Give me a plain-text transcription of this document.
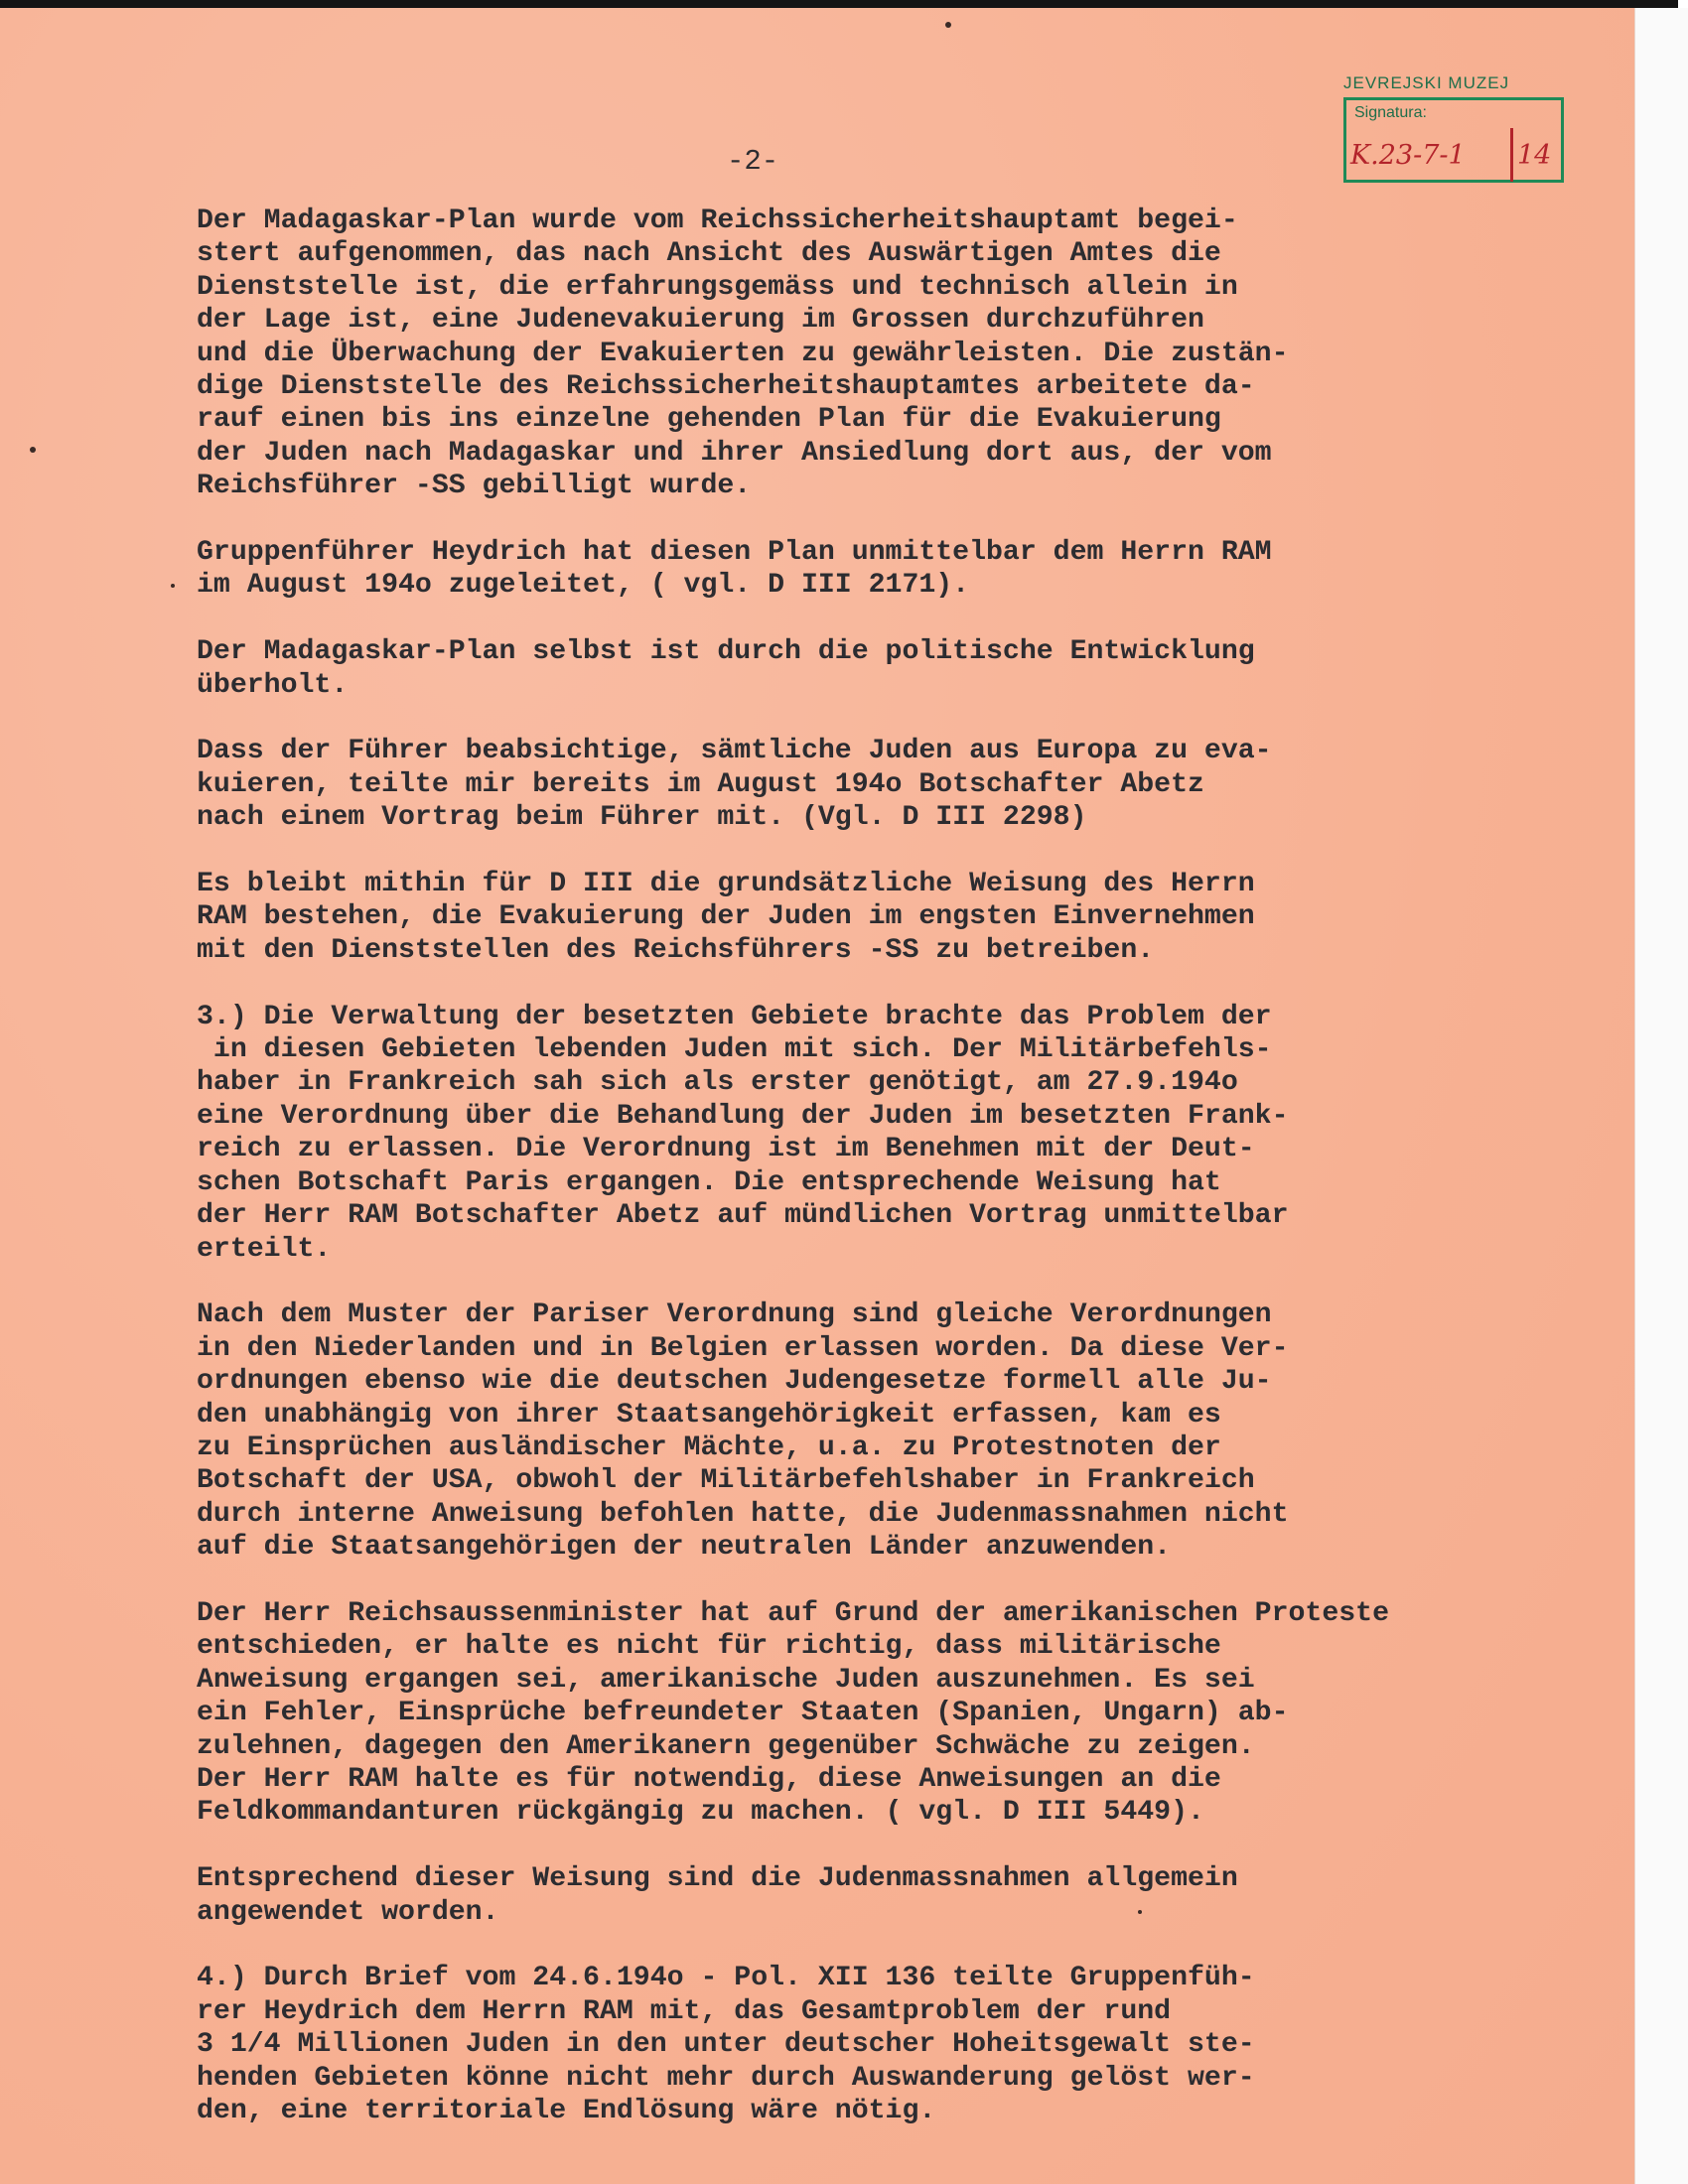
JEVREJSKI MUZEJ
Signatura:
K.23-7-1 14
-2-
Der Madagaskar-Plan wurde vom Reichssicherheitshauptamt begei-
stert aufgenommen, das nach Ansicht des Auswärtigen Amtes die
Dienststelle ist, die erfahrungsgemäss und technisch allein in
der Lage ist, eine Judenevakuierung im Grossen durchzuführen
und die Überwachung der Evakuierten zu gewährleisten. Die zustän-
dige Dienststelle des Reichssicherheitshauptamtes arbeitete da-
rauf einen bis ins einzelne gehenden Plan für die Evakuierung
der Juden nach Madagaskar und ihrer Ansiedlung dort aus, der vom
Reichsführer -SS gebilligt wurde.
Gruppenführer Heydrich hat diesen Plan unmittelbar dem Herrn RAM
im August 194o zugeleitet, ( vgl. D III 2171).
Der Madagaskar-Plan selbst ist durch die politische Entwicklung
überholt.
Dass der Führer beabsichtige, sämtliche Juden aus Europa zu eva-
kuieren, teilte mir bereits im August 194o Botschafter Abetz
nach einem Vortrag beim Führer mit. (Vgl. D III 2298)
Es bleibt mithin für D III die grundsätzliche Weisung des Herrn
RAM bestehen, die Evakuierung der Juden im engsten Einvernehmen
mit den Dienststellen des Reichsführers -SS zu betreiben.
3.) Die Verwaltung der besetzten Gebiete brachte das Problem der
in diesen Gebieten lebenden Juden mit sich. Der Militärbefehls-
haber in Frankreich sah sich als erster genötigt, am 27.9.194o
eine Verordnung über die Behandlung der Juden im besetzten Frank-
reich zu erlassen. Die Verordnung ist im Benehmen mit der Deut-
schen Botschaft Paris ergangen. Die entsprechende Weisung hat
der Herr RAM Botschafter Abetz auf mündlichen Vortrag unmittelbar
erteilt.
Nach dem Muster der Pariser Verordnung sind gleiche Verordnungen
in den Niederlanden und in Belgien erlassen worden. Da diese Ver-
ordnungen ebenso wie die deutschen Judengesetze formell alle Ju-
den unabhängig von ihrer Staatsangehörigkeit erfassen, kam es
zu Einsprüchen ausländischer Mächte, u.a. zu Protestnoten der
Botschaft der USA, obwohl der Militärbefehlshaber in Frankreich
durch interne Anweisung befohlen hatte, die Judenmassnahmen nicht
auf die Staatsangehörigen der neutralen Länder anzuwenden.
Der Herr Reichsaussenminister hat auf Grund der amerikanischen Proteste
entschieden, er halte es nicht für richtig, dass militärische
Anweisung ergangen sei, amerikanische Juden auszunehmen. Es sei
ein Fehler, Einsprüche befreundeter Staaten (Spanien, Ungarn) ab-
zulehnen, dagegen den Amerikanern gegenüber Schwäche zu zeigen.
Der Herr RAM halte es für notwendig, diese Anweisungen an die
Feldkommandanturen rückgängig zu machen. ( vgl. D III 5449).
Entsprechend dieser Weisung sind die Judenmassnahmen allgemein
angewendet worden.
4.) Durch Brief vom 24.6.194o - Pol. XII 136 teilte Gruppenfüh-
rer Heydrich dem Herrn RAM mit, das Gesamtproblem der rund
3 1/4 Millionen Juden in den unter deutscher Hoheitsgewalt ste-
henden Gebieten könne nicht mehr durch Auswanderung gelöst wer-
den, eine territoriale Endlösung wäre nötig.
